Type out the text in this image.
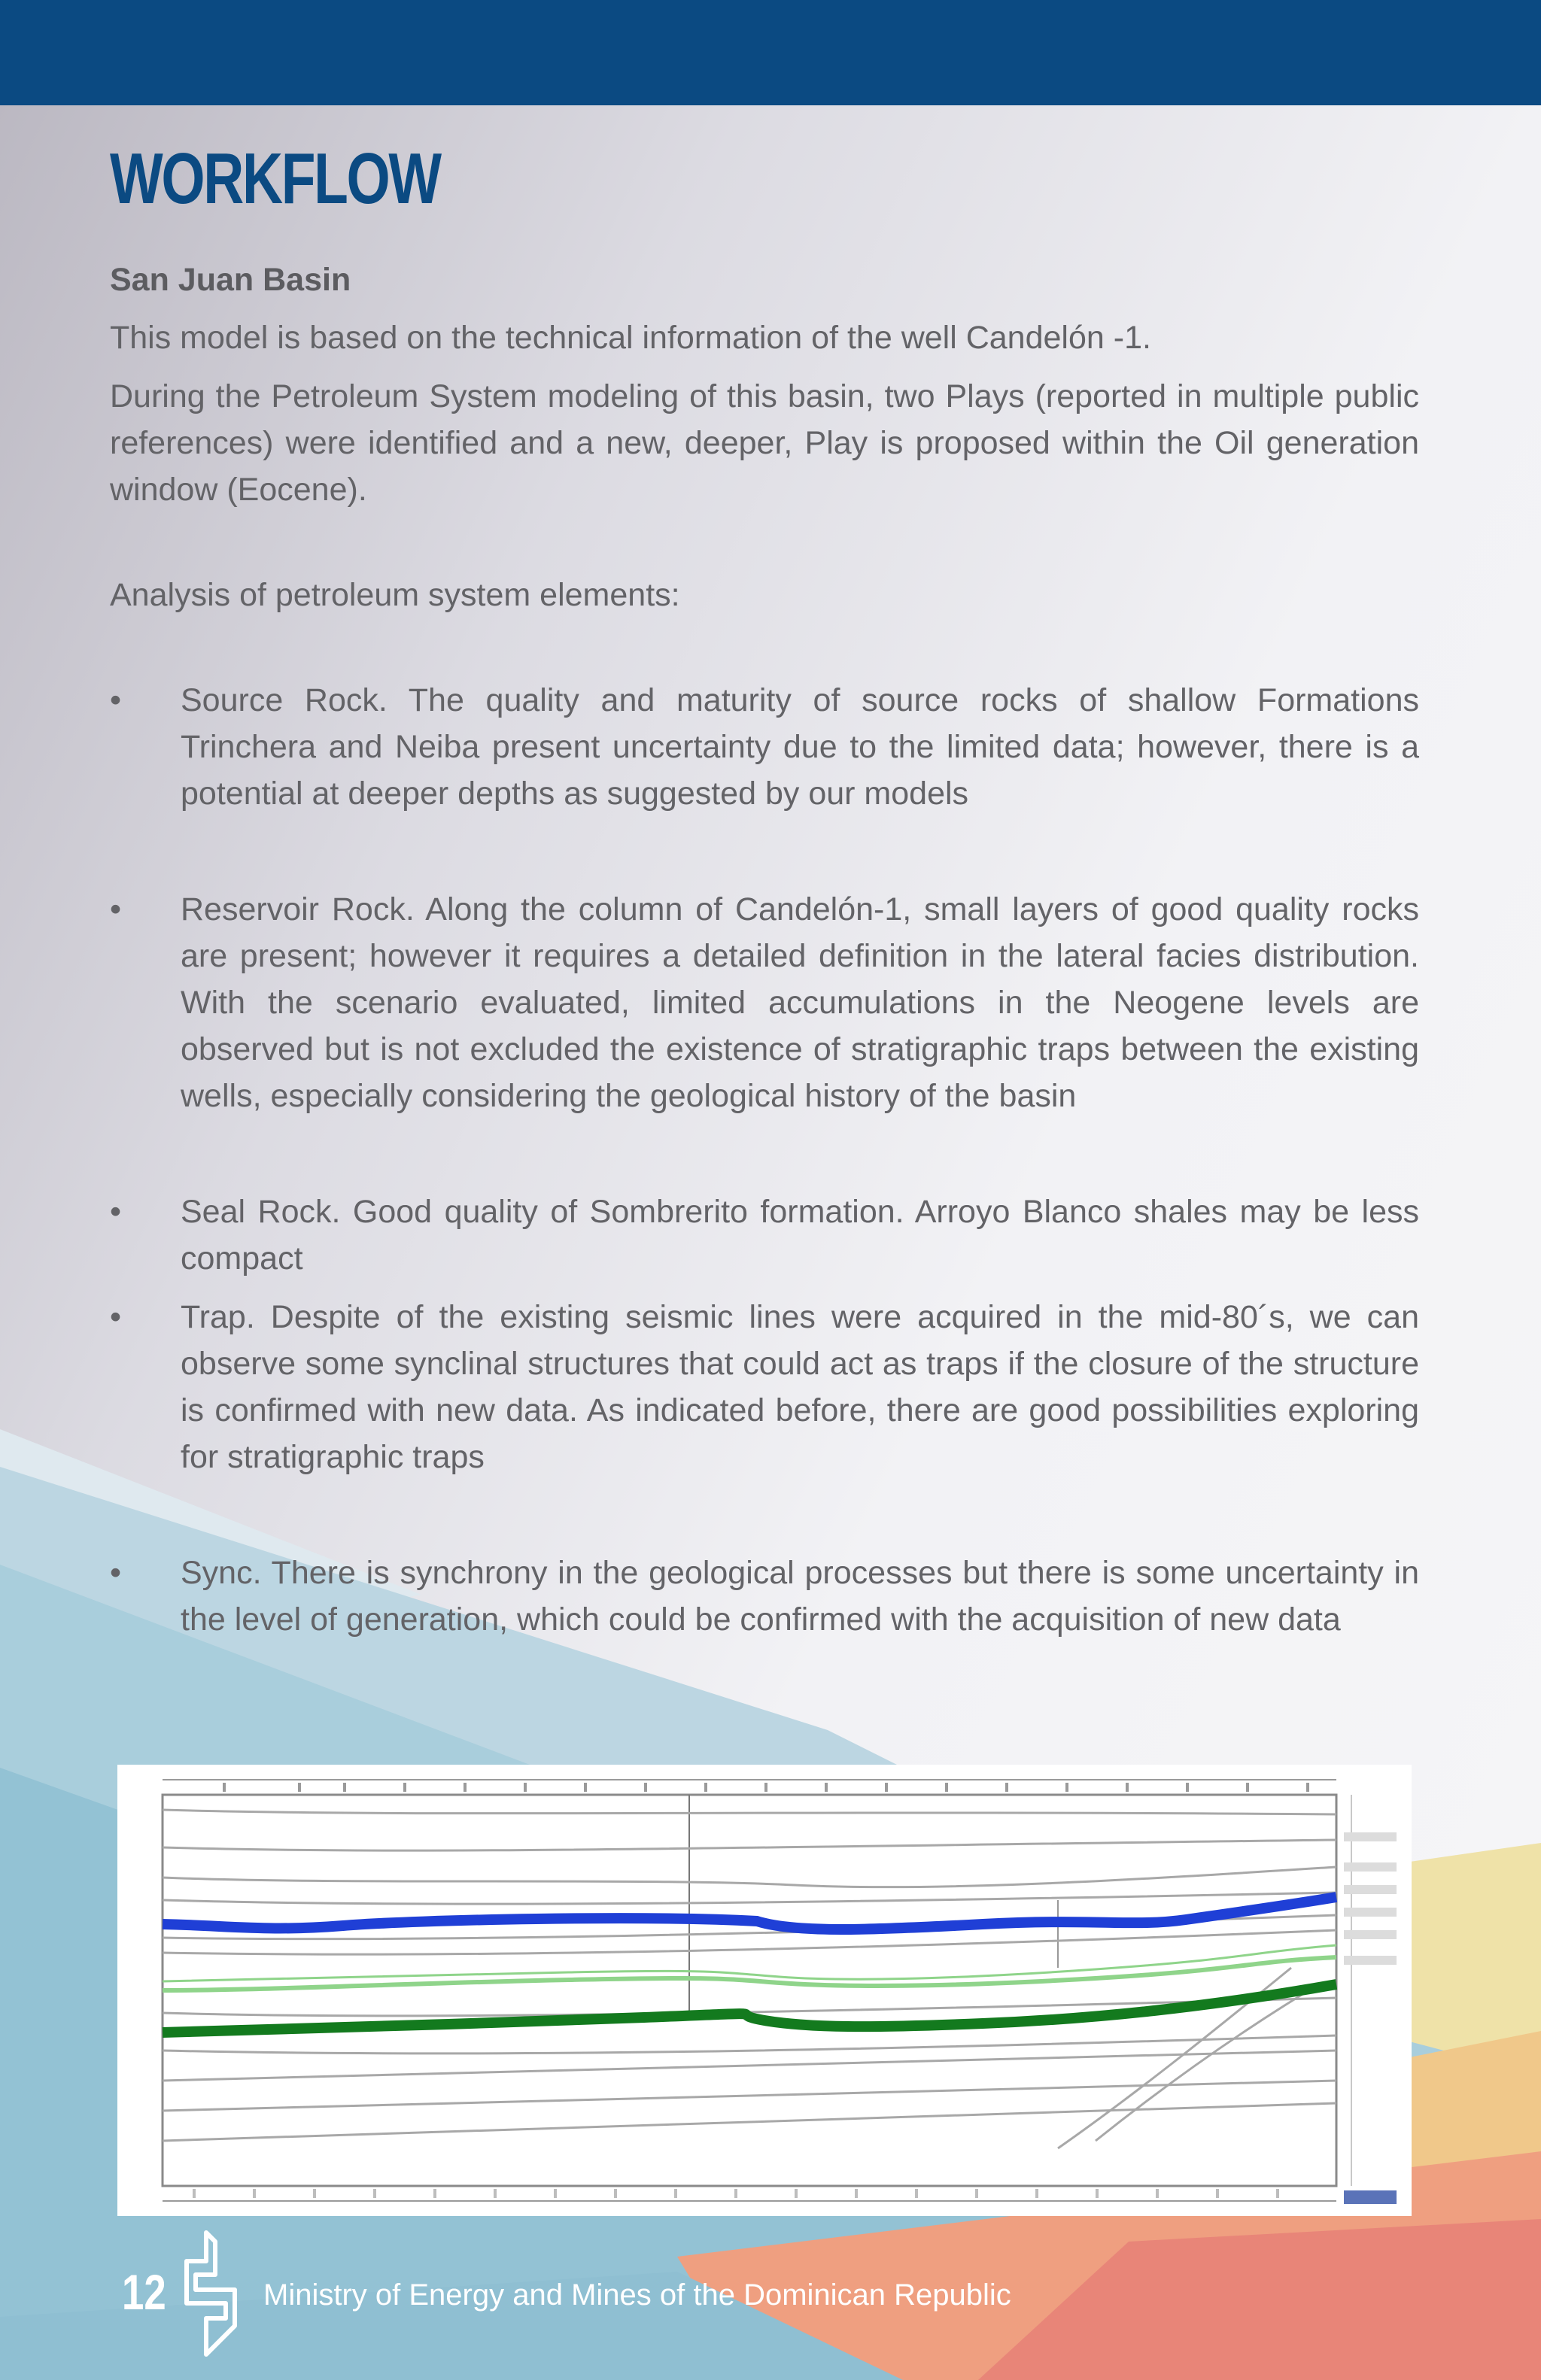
WORKFLOW
San Juan Basin

This model is based on the technical information of the well Candelón -1.

During the Petroleum System modeling of this basin, two Plays (reported in multiple public references) were identified and a new, deeper, Play is proposed within the Oil generation window (Eocene).

Analysis of petroleum system elements:

• Source Rock. The quality and maturity of source rocks of shallow Formations Trinchera and Neiba present uncertainty due to the limited data; however, there is a potential at deeper depths as suggested by our models
• Reservoir Rock. Along the column of Candelón-1, small layers of good quality rocks are present; however it requires a detailed definition in the lateral facies distribution. With the scenario evaluated, limited accumulations in the Neogene levels are observed but is not excluded the existence of stratigraphic traps between the existing wells, especially considering the geological history of the basin
• Seal Rock. Good quality of Sombrerito formation. Arroyo Blanco shales may be less compact
• Trap. Despite of the existing seismic lines were acquired in the mid-80´s, we can observe some synclinal structures that could act as traps if the closure of the structure is confirmed with new data. As indicated before, there are good possibilities exploring for stratigraphic traps
• Sync. There is synchrony in the geological processes but there is some uncertainty in the level of generation, which could be confirmed with the acquisition of new data
12	Ministry of Energy and Mines of the Dominican Republic
